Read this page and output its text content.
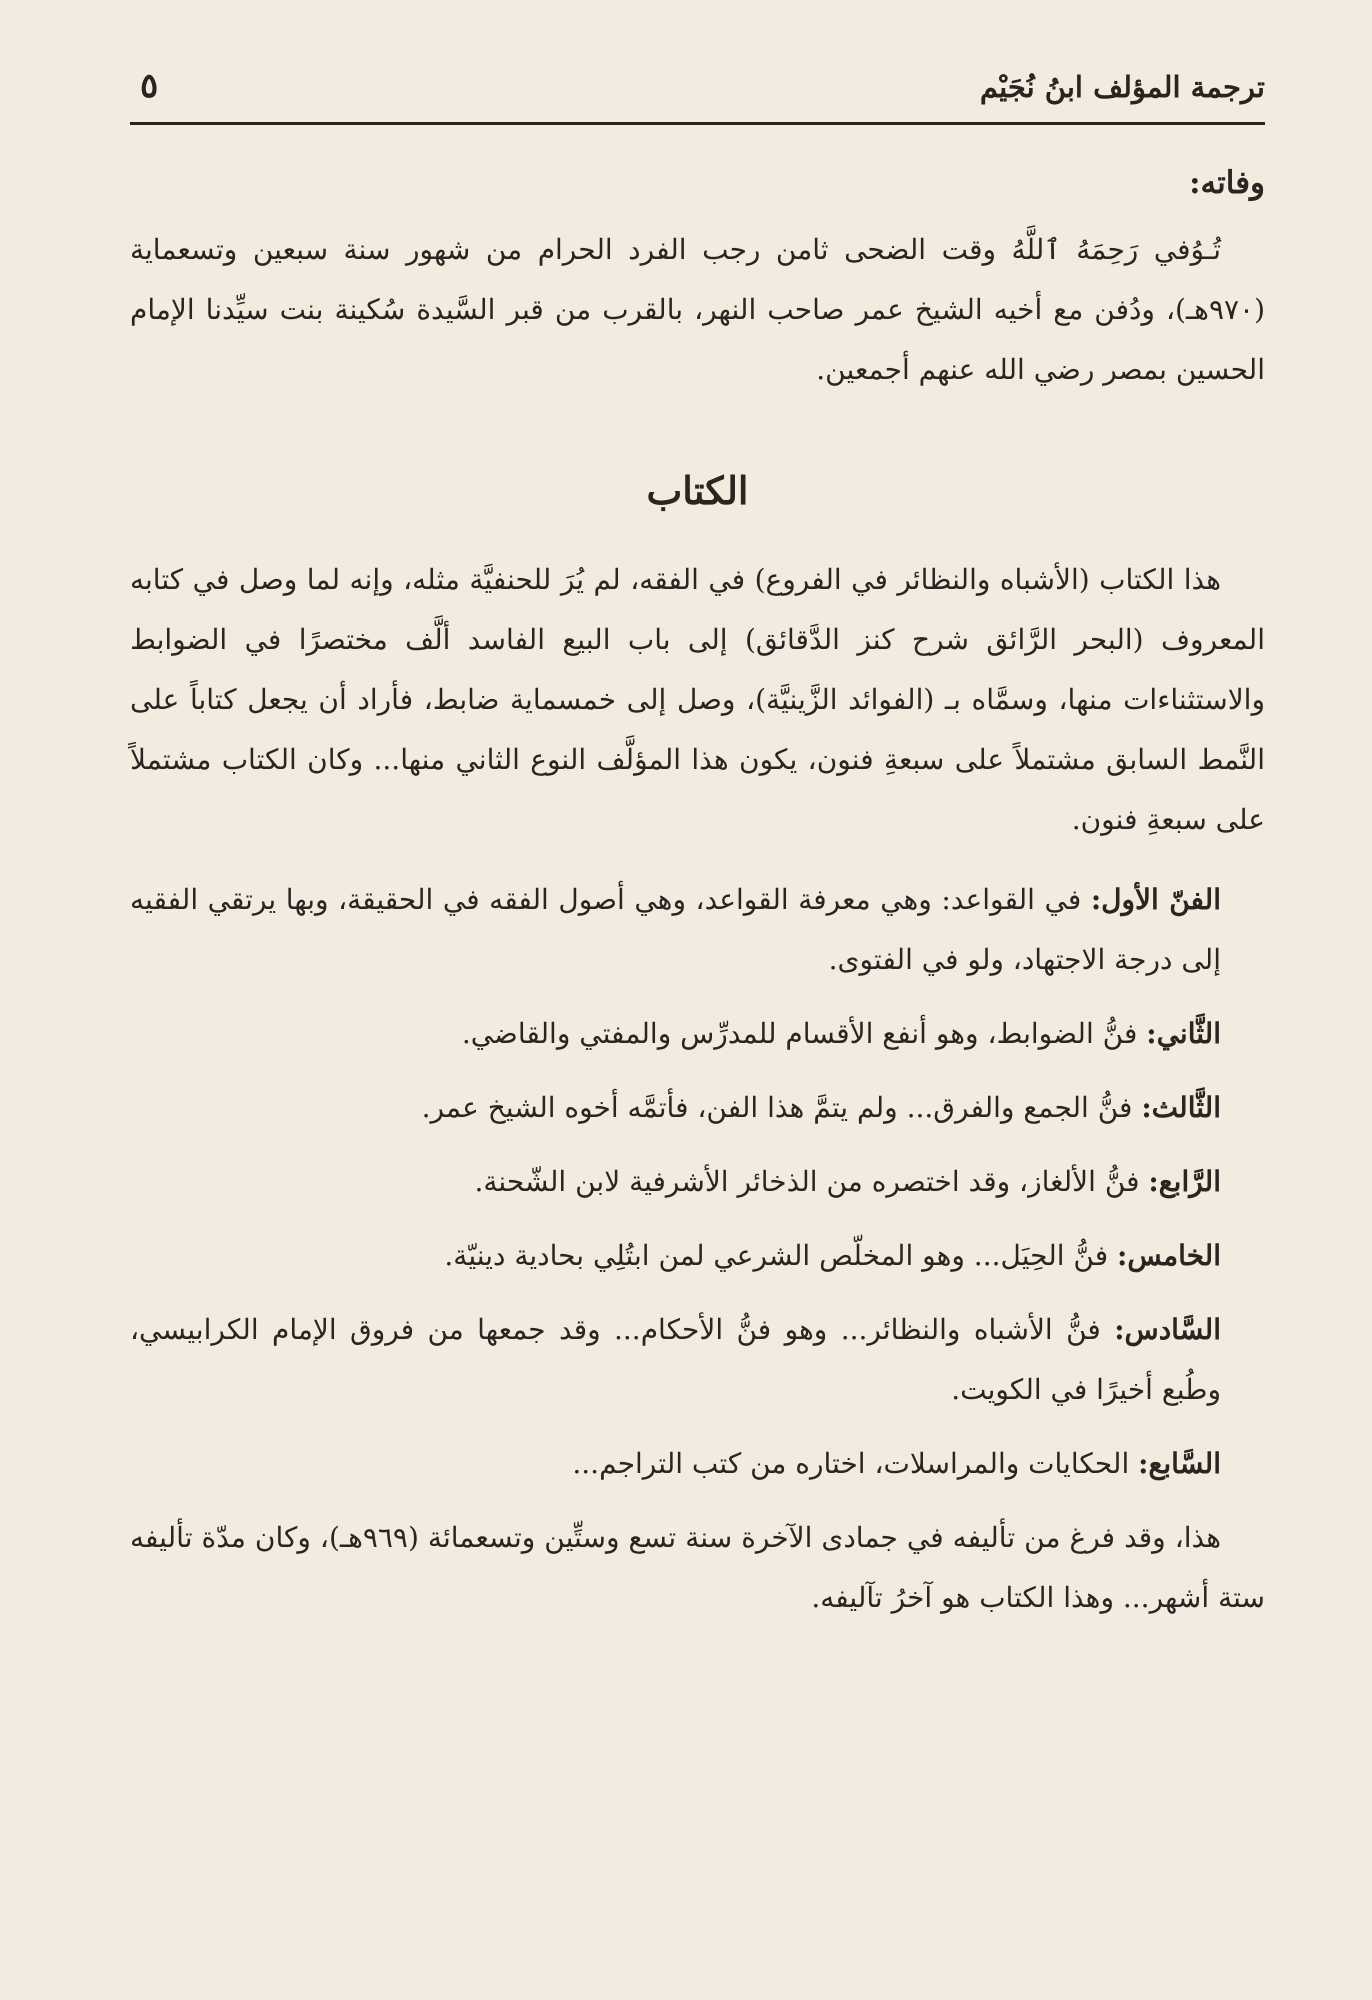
ترجمة المؤلف ابنُ نُجَيْم
٥
وفاته:

تُـوُفي رَحِمَهُ ٱللَّهُ وقت الضحى ثامن رجب الفرد الحرام من شهور سنة سبعين وتسعماية (٩٧٠هـ)، ودُفن مع أخيه الشيخ عمر صاحب النهر، بالقرب من قبر السَّيدة سُكينة بنت سيِّدنا الإمام الحسين بمصر رضي الله عنهم أجمعين.

الكتاب

هذا الكتاب (الأشباه والنظائر في الفروع) في الفقه، لم يُرَ للحنفيَّة مثله، وإنه لما وصل في كتابه المعروف (البحر الرَّائق شرح كنز الدَّقائق) إلى باب البيع الفاسد ألَّف مختصرًا في الضوابط والاستثناءات منها، وسمَّاه بـ (الفوائد الزَّينيَّة)، وصل إلى خمسماية ضابط، فأراد أن يجعل كتاباً على النَّمط السابق مشتملاً على سبعةِ فنون، يكون هذا المؤلَّف النوع الثاني منها... وكان الكتاب مشتملاً على سبعةِ فنون.

الفنّ الأول: في القواعد: وهي معرفة القواعد، وهي أصول الفقه في الحقيقة، وبها يرتقي الفقيه إلى درجة الاجتهاد، ولو في الفتوى.

الثَّاني: فنُّ الضوابط، وهو أنفع الأقسام للمدرِّس والمفتي والقاضي.

الثَّالث: فنُّ الجمع والفرق... ولم يتمَّ هذا الفن، فأتمَّه أخوه الشيخ عمر.

الرَّابع: فنُّ الألغاز، وقد اختصره من الذخائر الأشرفية لابن الشّحنة.

الخامس: فنُّ الحِيَل... وهو المخلّص الشرعي لمن ابتُلِي بحادية دينيّة.

السَّادس: فنُّ الأشباه والنظائر... وهو فنُّ الأحكام... وقد جمعها من فروق الإمام الكرابيسي، وطُبع أخيرًا في الكويت.

السَّابع: الحكايات والمراسلات، اختاره من كتب التراجم...

هذا، وقد فرغ من تأليفه في جمادى الآخرة سنة تسع وستِّين وتسعمائة (٩٦٩هـ)، وكان مدّة تأليفه ستة أشهر... وهذا الكتاب هو آخرُ تآليفه.
